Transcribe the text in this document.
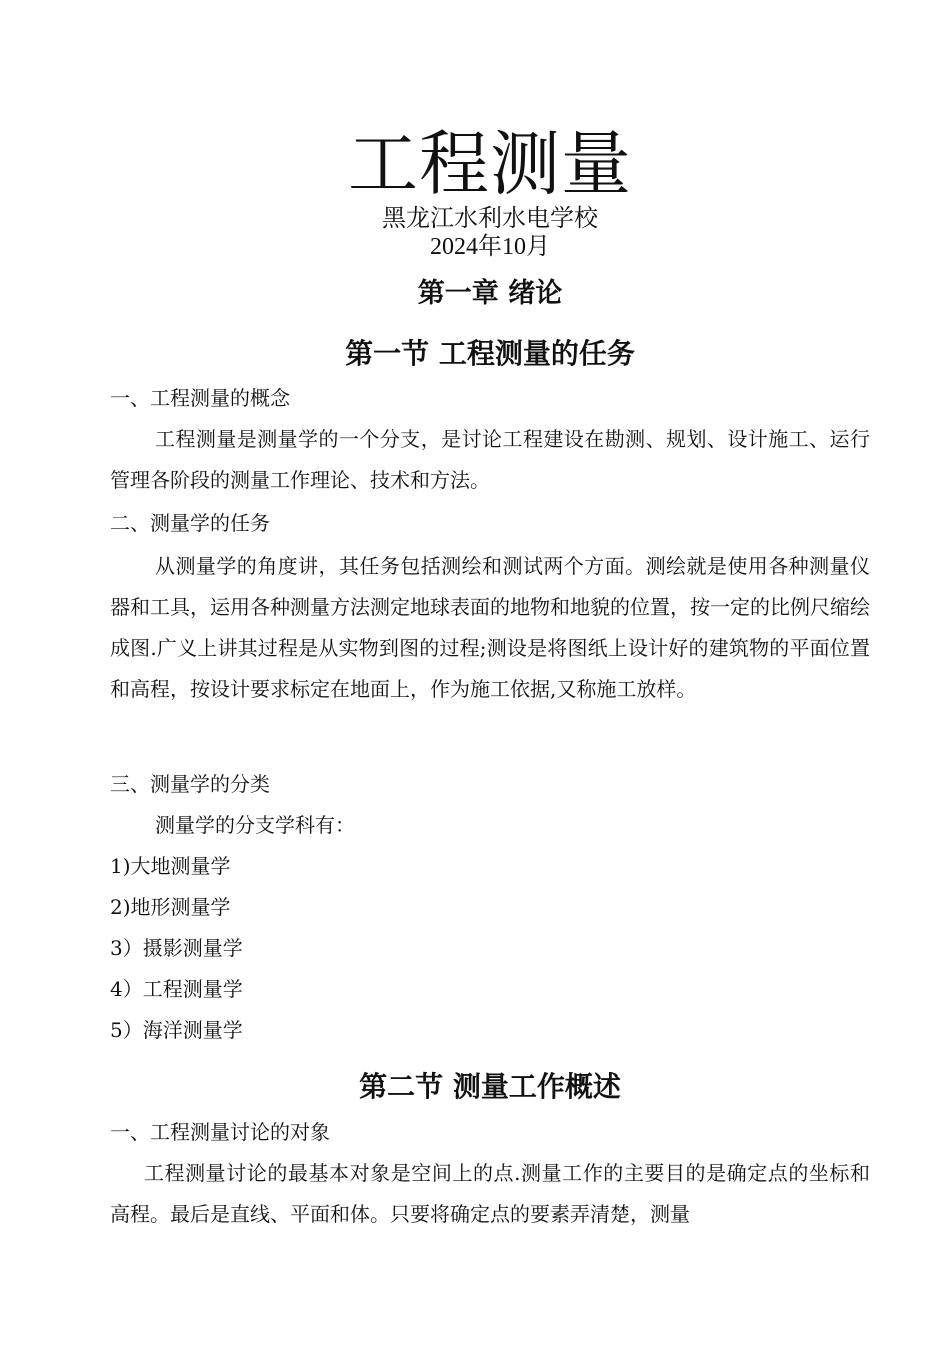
工程测量
黑龙江水利水电学校
2024年10月
第一章 绪论
第一节 工程测量的任务
一、工程测量的概念
工程测量是测量学的一个分支，是讨论工程建设在勘测、规划、设计施工、运行管理各阶段的测量工作理论、技术和方法。
二、测量学的任务
从测量学的角度讲，其任务包括测绘和测试两个方面。测绘就是使用各种测量仪器和工具，运用各种测量方法测定地球表面的地物和地貌的位置，按一定的比例尺缩绘成图.广义上讲其过程是从实物到图的过程;测设是将图纸上设计好的建筑物的平面位置和高程，按设计要求标定在地面上，作为施工依据,又称施工放样。
三、测量学的分类
测量学的分支学科有：
1)大地测量学
2)地形测量学
3）摄影测量学
4）工程测量学
5）海洋测量学
第二节 测量工作概述
一、工程测量讨论的对象
工程测量讨论的最基本对象是空间上的点.测量工作的主要目的是确定点的坐标和高程。最后是直线、平面和体。只要将确定点的要素弄清楚，测量
